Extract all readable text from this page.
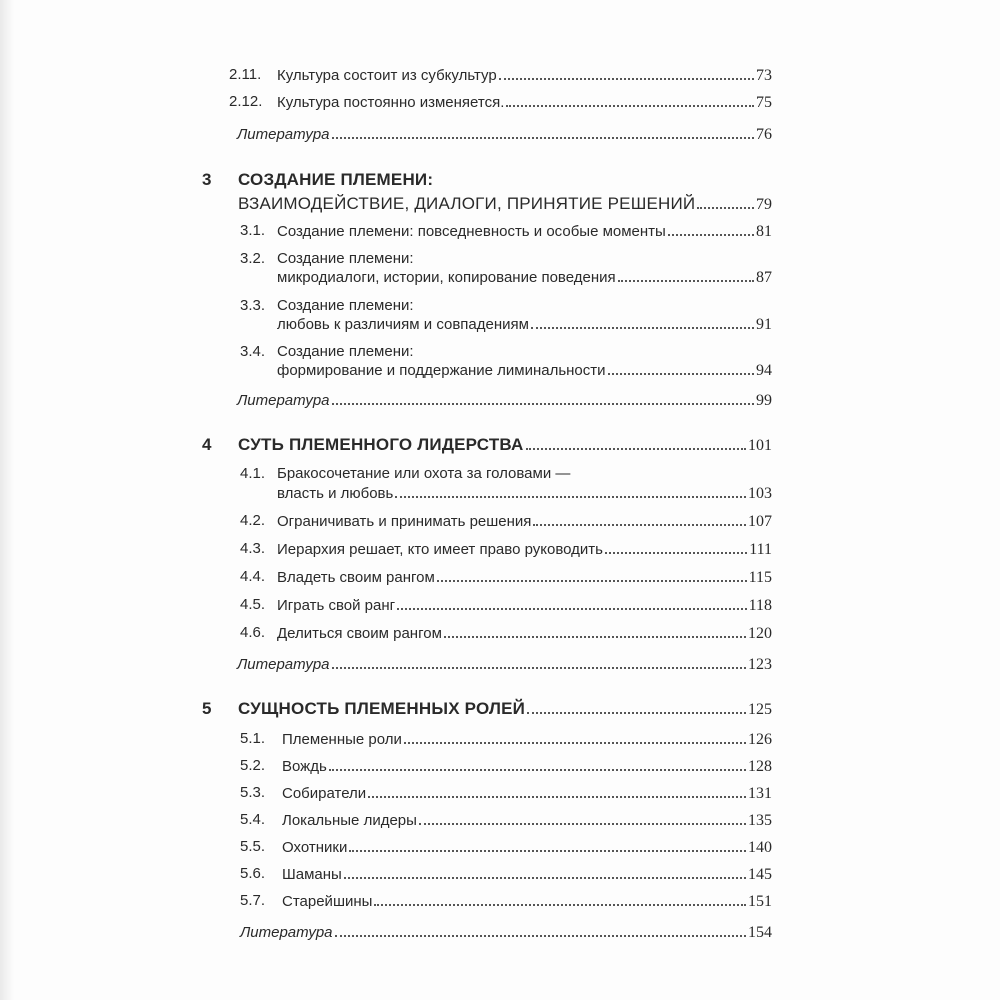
2.11. Культура состоит из субкультур	73
2.12. Культура постоянно изменяется.	75
Литература	76
3 СОЗДАНИЕ ПЛЕМЕНИ:
ВЗАИМОДЕЙСТВИЕ, ДИАЛОГИ, ПРИНЯТИЕ РЕШЕНИЙ	79
3.1. Создание племени: повседневность и особые моменты	81
3.2. Создание племени:
микродиалоги, истории, копирование поведения	87
3.3. Создание племени:
любовь к различиям и совпадениям	91
3.4. Создание племени:
формирование и поддержание лиминальности	94
Литература	99
4 СУТЬ ПЛЕМЕННОГО ЛИДЕРСТВА	101
4.1. Бракосочетание или охота за головами —
власть и любовь	103
4.2. Ограничивать и принимать решения	107
4.3. Иерархия решает, кто имеет право руководить	111
4.4. Владеть своим рангом	115
4.5. Играть свой ранг	118
4.6. Делиться своим рангом	120
Литература	123
5 СУЩНОСТЬ ПЛЕМЕННЫХ РОЛЕЙ	125
5.1. Племенные роли	126
5.2. Вождь	128
5.3. Собиратели	131
5.4. Локальные лидеры	135
5.5. Охотники	140
5.6. Шаманы	145
5.7. Старейшины	151
Литература	154
